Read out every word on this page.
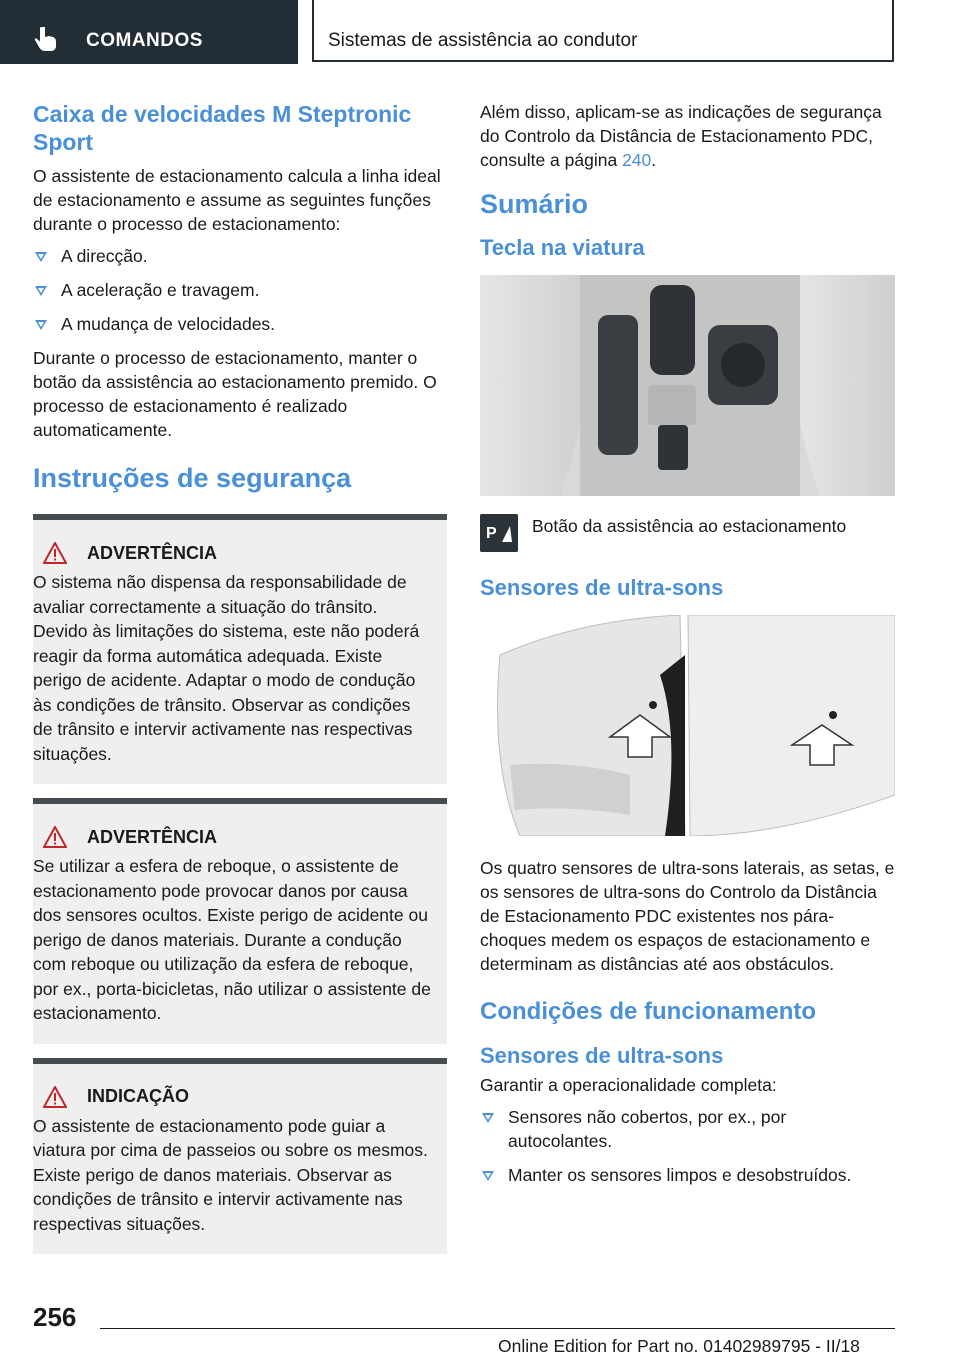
COMANDOS	Sistemas de assistência ao condutor
Caixa de velocidades M Steptronic Sport

O assistente de estacionamento calcula a linha ideal de estacionamento e assume as seguintes funções durante o processo de estacionamento:

A direcção.
A aceleração e travagem.
A mudança de velocidades.

Durante o processo de estacionamento, manter o botão da assistência ao estacionamento premido. O processo de estacionamento é realizado automaticamente.

Instruções de segurança
ADVERTÊNCIA

O sistema não dispensa da responsabilidade de avaliar correctamente a situação do trânsito. Devido às limitações do sistema, este não poderá reagir da forma automática adequada. Existe perigo de acidente. Adaptar o modo de condução às condições de trânsito. Observar as condições de trânsito e intervir activamente nas respectivas situações.

ADVERTÊNCIA

Se utilizar a esfera de reboque, o assistente de estacionamento pode provocar danos por causa dos sensores ocultos. Existe perigo de acidente ou perigo de danos materiais. Durante a condução com reboque ou utilização da esfera de reboque, por ex., porta-bicicletas, não utilizar o assistente de estacionamento.

INDICAÇÃO

O assistente de estacionamento pode guiar a viatura por cima de passeios ou sobre os mesmos. Existe perigo de danos materiais. Observar as condições de trânsito e intervir activamente nas respectivas situações.

Além disso, aplicam-se as indicações de segurança do Controlo da Distância de Estacionamento PDC, consulte a página 240.

Sumário
Tecla na viatura
P Botão da assistência ao estacionamento
Sensores de ultra-sons

Os quatro sensores de ultra-sons laterais, as setas, e os sensores de ultra-sons do Controlo da Distância de Estacionamento PDC existentes nos pára-choques medem os espaços de estacionamento e determinam as distâncias até aos obstáculos.

Condições de funcionamento
Sensores de ultra-sons

Garantir a operacionalidade completa:

Sensores não cobertos, por ex., por autocolantes.
Manter os sensores limpos e desobstruídos.
256
Online Edition for Part no. 01402989795 - II/18
